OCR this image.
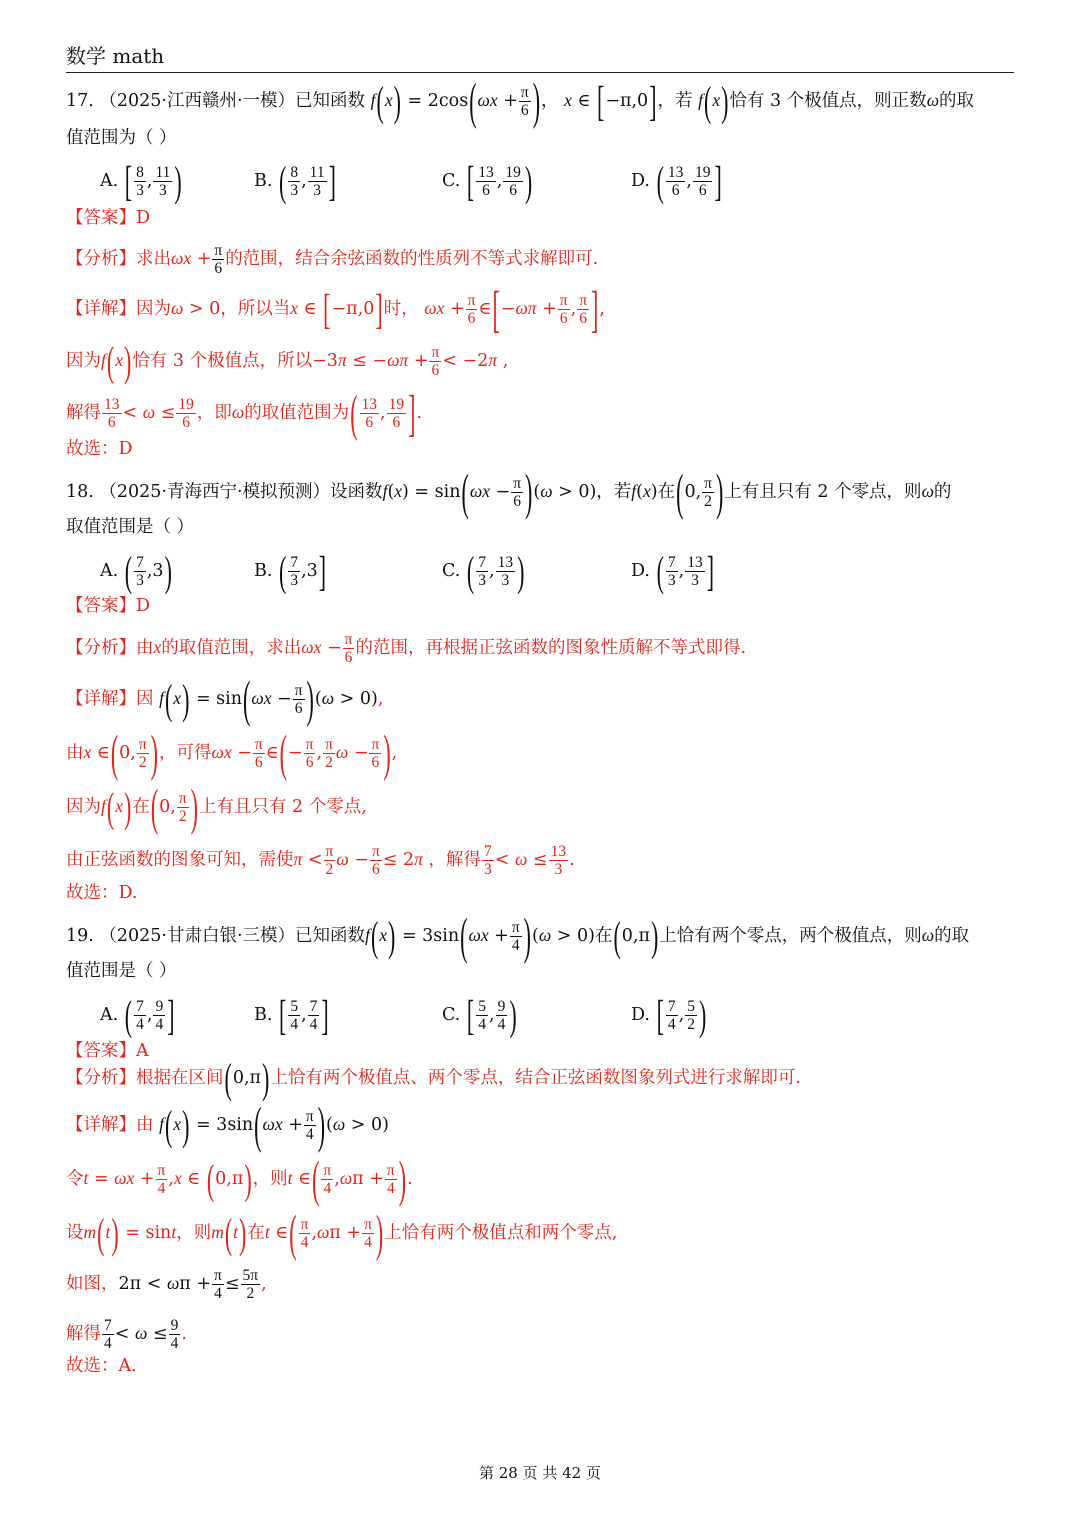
数学 math
17. （2025·江西赣州·一模）已知函数 $f(x) = 2\cos(\omega x + \frac{\pi}{6}$ )， x ∈ [−π,0]，若 f(x)恰有 3 个极值点，则正数ω的取
值范围为（ ）
A. [ $\frac{8}{3}$ , $\frac{11}{3}$ )	B. ( $\frac{8}{3}$ , $\frac{11}{3}$ ]	C. [ $\frac{13}{6}$ , $\frac{19}{6}$ )	D. ( $\frac{13}{6}$ , $\frac{19}{6}$ ]
【答案】D
【分析】求出$\omega x + \frac{\pi}{6}$ 的范围，结合余弦函数的性质列不等式求解即可.
【详解】因为ω > 0，所以当x ∈ [−π,0]时， $\omega x + \frac{\pi}{6}$ ∈[−ωπ + $\frac{\pi}{6}$ , $\frac{\pi}{6}$ ],
因为f(x)恰有 3 个极值点，所以$-3\pi \le -\omega\pi + \frac{\pi}{6} < -2\pi$ ,
解得 $\frac{13}{6} < \omega \le \frac{19}{6}$ ，即ω的取值范围为( $\frac{13}{6}$ , $\frac{19}{6}$ ].
故选：D
18. （2025·青海西宁·模拟预测）设函数$f(x) = \sin(\omega x - \frac{\pi}{6} )(\omega > 0)$，若f(x)在(0, $\frac{\pi}{2}$ )上有且只有 2 个零点，则ω的
取值范围是（ ）
A. ( $\frac{7}{3} ,3$)	B. ( $\frac{7}{3} ,3$]	C. ( $\frac{7}{3}$ , $\frac{13}{3}$ )	D. ( $\frac{7}{3}$ , $\frac{13}{3}$ ]
【答案】D
【分析】由x的取值范围，求出$\omega x - \frac{\pi}{6}$ 的范围，再根据正弦函数的图象性质解不等式即得.
【详解】因 $f(x) = \sin(\omega x - \frac{\pi}{6} )(\omega > 0)$,
由x ∈(0, $\frac{\pi}{2}$ )，可得$\omega x - \frac{\pi}{6}$ ∈(− $\frac{\pi}{6}$ , $\frac{\pi}{2}$ $\omega - \frac{\pi}{6}$ ),
因为f(x)在(0, $\frac{\pi}{2}$ )上有且只有 2 个零点,
由正弦函数的图象可知，需使$\pi < \frac{\pi}{2}$ $\omega - \frac{\pi}{6} \le 2\pi$ ，解得 $\frac{7}{3} < \omega \le \frac{13}{3}$ .
故选：D.
19. （2025·甘肃白银·三模）已知函数$f(x) = 3\sin(\omega x + \frac{\pi}{4} )(\omega > 0)$在(0,π)上恰有两个零点，两个极值点，则ω的取
值范围是（ ）
A. ( $\frac{7}{4}$ , $\frac{9}{4}$ ]	B. [ $\frac{5}{4}$ , $\frac{7}{4}$ ]	C. [ $\frac{5}{4}$ , $\frac{9}{4}$ )	D. [ $\frac{7}{4}$ , $\frac{5}{2}$ )
【答案】A
【分析】根据在区间(0,π)上恰有两个极值点、两个零点，结合正弦函数图象列式进行求解即可.
【详解】由 $f(x) = 3\sin(\omega x + \frac{\pi}{4} )(\omega > 0)$
令$t = \omega x + \frac{\pi}{4} ,x$ ∈ (0,π)，则t ∈( $\frac{\pi}{4} ,\omega\pi + \frac{\pi}{4}$ ).
设m(t) = sint，则m(t)在t ∈( $\frac{\pi}{4} ,\omega\pi + \frac{\pi}{4}$ )上恰有两个极值点和两个零点,
如图，$2\pi < \omega\pi + \frac{\pi}{4} \le \frac{5\pi}{2}$ ,
解得 $\frac{7}{4} < \omega \le \frac{9}{4}$ .
故选：A.
第 28 页 共 42 页
